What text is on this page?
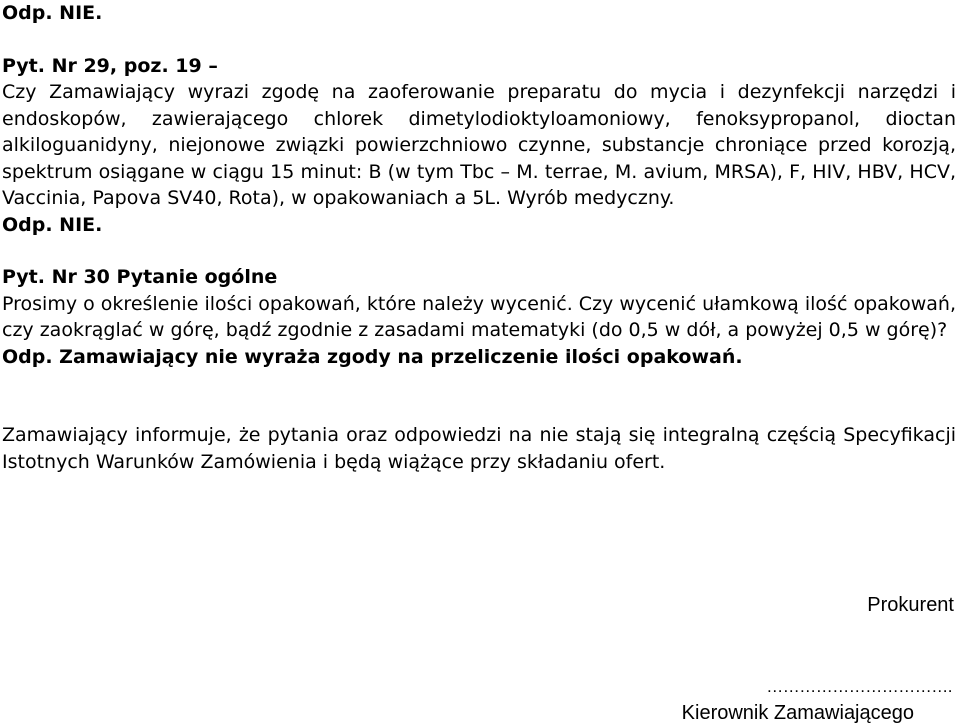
Odp. NIE.

Pyt. Nr 29, poz. 19 –

Czy Zamawiający wyrazi zgodę na zaoferowanie preparatu do mycia i dezynfekcji narzędzi i endoskopów, zawierającego chlorek dimetylodioktyloamoniowy, fenoksypropanol, dioctan alkiloguanidyny, niejonowe związki powierzchniowo czynne, substancje chroniące przed korozją, spektrum osiągane w ciągu 15 minut: B (w tym Tbc – M. terrae, M. avium, MRSA), F, HIV, HBV, HCV, Vaccinia, Papova SV40, Rota), w opakowaniach a 5L. Wyrób medyczny.

Odp. NIE.

Pyt. Nr 30 Pytanie ogólne

Prosimy o określenie ilości opakowań, które należy wycenić. Czy wycenić ułamkową ilość opakowań, czy zaokrąglać w górę, bądź zgodnie z zasadami matematyki (do 0,5 w dół, a powyżej 0,5 w górę)?

Odp. Zamawiający nie wyraża zgody na przeliczenie ilości opakowań.

Zamawiający informuje, że pytania oraz odpowiedzi na nie stają się integralną częścią Specyfikacji Istotnych Warunków Zamówienia i będą wiążące przy składaniu ofert.

Prokurent
…………………………….
Kierownik Zamawiającego
